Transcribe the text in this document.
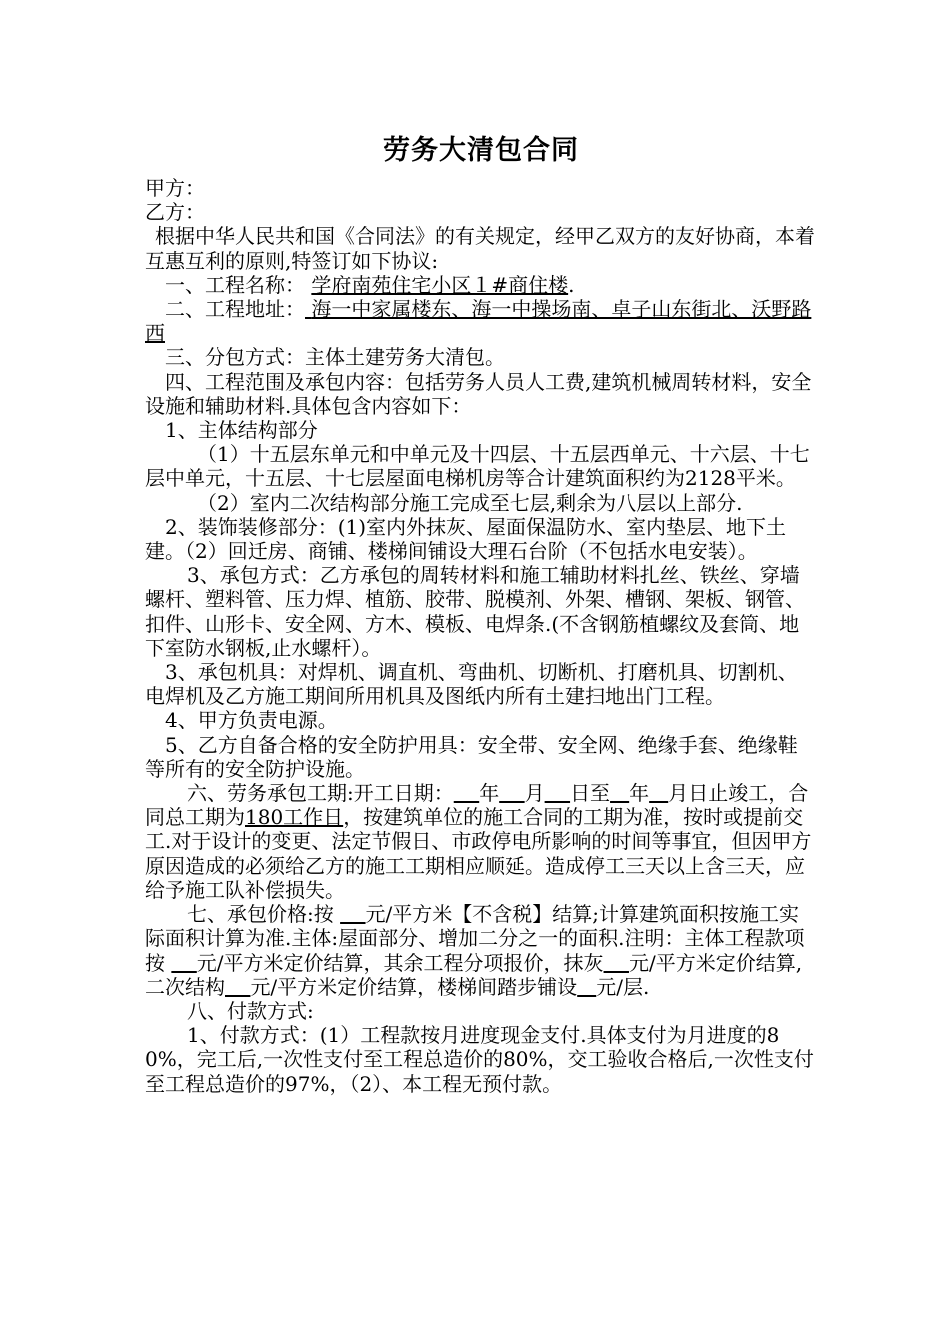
劳务大清包合同

甲方：

乙方：

根据中华人民共和国《合同法》的有关规定，经甲乙双方的友好协商，本着互惠互利的原则,特签订如下协议:

一、工程名称： 学府南苑住宅小区１#商住楼.

二、工程地址： 海一中家属楼东、海一中操场南、卓子山东街北、沃野路西

三、分包方式：主体土建劳务大清包。

四、工程范围及承包内容：包括劳务人员人工费,建筑机械周转材料，安全设施和辅助材料.具体包含内容如下：

1、主体结构部分

（1）十五层东单元和中单元及十四层、十五层西单元、十六层、十七层中单元，十五层、十七层屋面电梯机房等合计建筑面积约为2128平米。

（2）室内二次结构部分施工完成至七层,剩余为八层以上部分.

2、装饰装修部分：(1)室内外抹灰、屋面保温防水、室内垫层、地下土建。（2）回迁房、商铺、楼梯间铺设大理石台阶（不包括水电安装）。

3、承包方式：乙方承包的周转材料和施工辅助材料扎丝、铁丝、穿墙螺杆、塑料管、压力焊、植筋、胶带、脱模剂、外架、槽钢、架板、钢管、扣件、山形卡、安全网、方木、模板、电焊条.(不含钢筋植螺纹及套筒、地下室防水钢板,止水螺杆）。

3、承包机具：对焊机、调直机、弯曲机、切断机、打磨机具、切割机、电焊机及乙方施工期间所用机具及图纸内所有土建扫地出门工程。

4、甲方负责电源。

5、乙方自备合格的安全防护用具：安全带、安全网、绝缘手套、绝缘鞋等所有的安全防护设施。

六、劳务承包工期:开工日期： 年 月 日至 年 月日止竣工，合同总工期为180工作日，按建筑单位的施工合同的工期为准，按时或提前交工.对于设计的变更、法定节假日、市政停电所影响的时间等事宜，但因甲方原因造成的必须给乙方的施工工期相应顺延。造成停工三天以上含三天，应给予施工队补偿损失。

七、承包价格:按 元/平方米【不含税】结算;计算建筑面积按施工实际面积计算为准.主体:屋面部分、增加二分之一的面积.注明：主体工程款项按 元/平方米定价结算，其余工程分项报价，抹灰 元/平方米定价结算,二次结构 元/平方米定价结算，楼梯间踏步铺设 元/层.

八、付款方式:

1、付款方式：(1）工程款按月进度现金支付.具体支付为月进度的80%，完工后,一次性支付至工程总造价的80%，交工验收合格后,一次性支付至工程总造价的97%，（2）、本工程无预付款。
